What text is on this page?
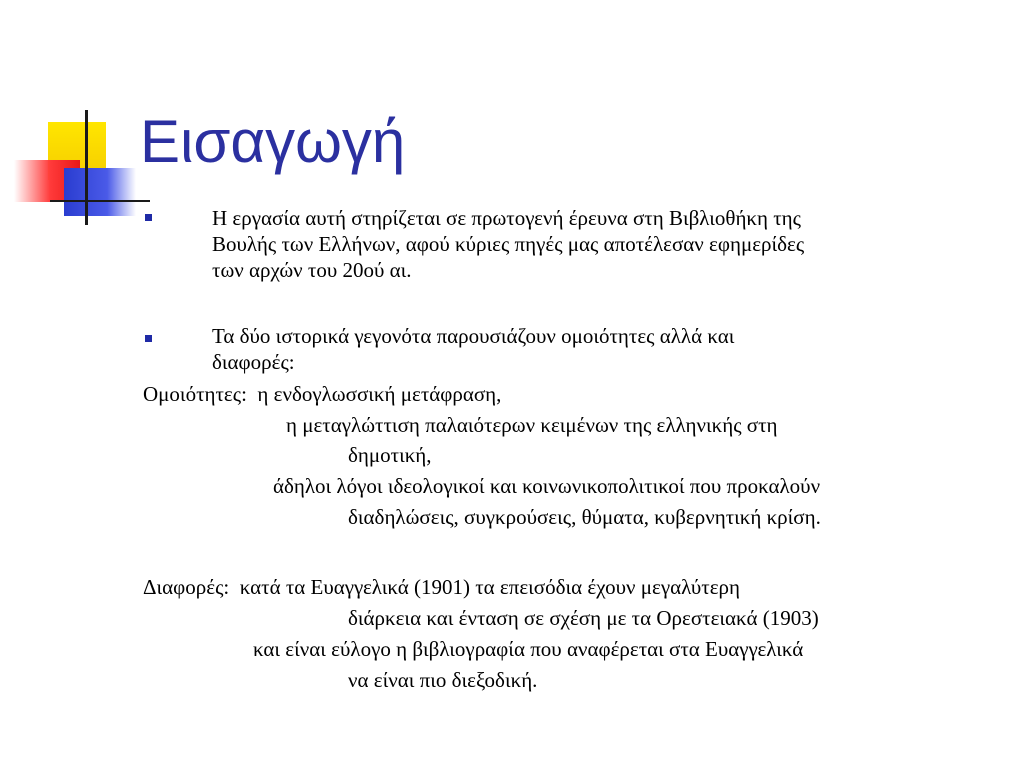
Εισαγωγή
Η εργασία αυτή στηρίζεται σε πρωτογενή έρευνα στη Βιβλιοθήκη της
Βουλής των Ελλήνων, αφού κύριες πηγές μας αποτέλεσαν εφημερίδες
των αρχών του 20ού αι.
Τα δύο ιστορικά γεγονότα παρουσιάζουν ομοιότητες αλλά και
διαφορές:
Ομοιότητες: η ενδογλωσσική μετάφραση,
η μεταγλώττιση παλαιότερων κειμένων της ελληνικής στη
δημοτική,
άδηλοι λόγοι ιδεολογικοί και κοινωνικοπολιτικοί που προκαλούν
διαδηλώσεις, συγκρούσεις, θύματα, κυβερνητική κρίση.
Διαφορές: κατά τα Ευαγγελικά (1901) τα επεισόδια έχουν μεγαλύτερη
διάρκεια και ένταση σε σχέση με τα Ορεστειακά (1903)
και είναι εύλογο η βιβλιογραφία που αναφέρεται στα Ευαγγελικά
να είναι πιο διεξοδική.
